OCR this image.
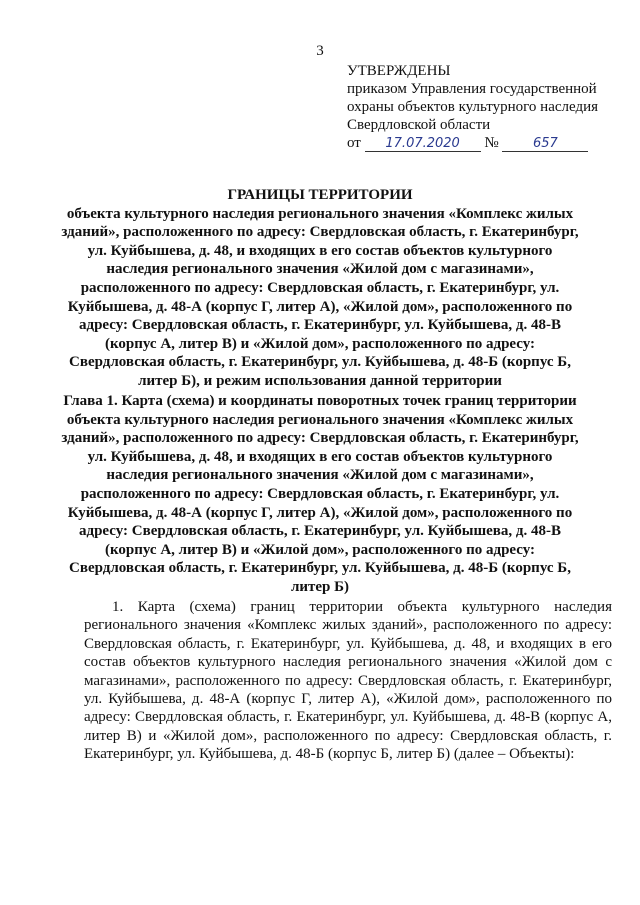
3
УТВЕРЖДЕНЫ
приказом Управления государственной
охраны объектов культурного наследия
Свердловской области
от 17.07.2020 №	657

ГРАНИЦЫ ТЕРРИТОРИИ

объекта культурного наследия регионального значения «Комплекс жилых зданий», расположенного по адресу: Свердловская область, г. Екатеринбург, ул. Куйбышева, д. 48, и входящих в его состав объектов культурного наследия регионального значения «Жилой дом с магазинами», расположенного по адресу: Свердловская область, г. Екатеринбург, ул. Куйбышева, д. 48-А (корпус Г, литер А), «Жилой дом», расположенного по адресу: Свердловская область, г. Екатеринбург, ул. Куйбышева, д. 48-В (корпус А, литер В) и «Жилой дом», расположенного по адресу: Свердловская область, г. Екатеринбург, ул. Куйбышева, д. 48-Б (корпус Б, литер Б), и режим использования данной территории

Глава 1. Карта (схема) и координаты поворотных точек границ территории объекта культурного наследия регионального значения «Комплекс жилых зданий», расположенного по адресу: Свердловская область, г. Екатеринбург, ул. Куйбышева, д. 48, и входящих в его состав объектов культурного наследия регионального значения «Жилой дом с магазинами», расположенного по адресу: Свердловская область, г. Екатеринбург, ул. Куйбышева, д. 48-А (корпус Г, литер А), «Жилой дом», расположенного по адресу: Свердловская область, г. Екатеринбург, ул. Куйбышева, д. 48-В (корпус А, литер В) и «Жилой дом», расположенного по адресу: Свердловская область, г. Екатеринбург, ул. Куйбышева, д. 48-Б (корпус Б, литер Б)

1. Карта (схема) границ территории объекта культурного наследия регионального значения «Комплекс жилых зданий», расположенного по адресу: Свердловская область, г. Екатеринбург, ул. Куйбышева, д. 48, и входящих в его состав объектов культурного наследия регионального значения «Жилой дом с магазинами», расположенного по адресу: Свердловская область, г. Екатеринбург, ул. Куйбышева, д. 48-А (корпус Г, литер А), «Жилой дом», расположенного по адресу: Свердловская область, г. Екатеринбург, ул. Куйбышева, д. 48-В (корпус А, литер В) и «Жилой дом», расположенного по адресу: Свердловская область, г. Екатеринбург, ул. Куйбышева, д. 48-Б (корпус Б, литер Б) (далее – Объекты):
